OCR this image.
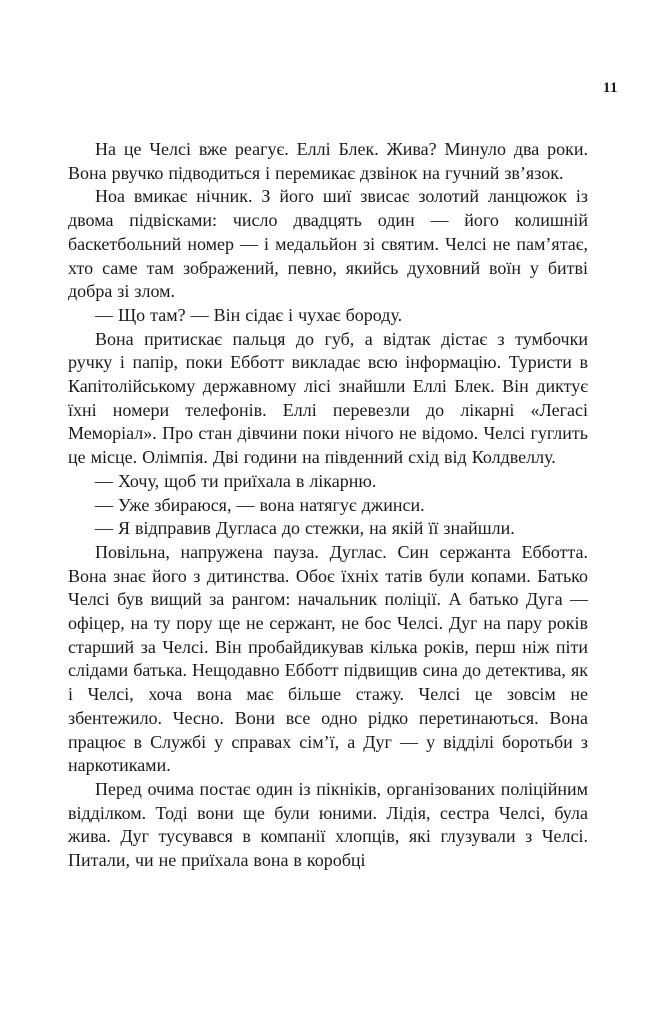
11

На це Челсі вже реагує. Еллі Блек. Жива? Минуло два роки. Вона рвучко підводиться і перемикає дзвінок на гучний зв’язок.

Ноа вмикає нічник. З його шиї звисає золотий ланцюжок із двома підвісками: число двадцять один — його колишній баскетбольний номер — і медальйон зі святим. Челсі не пам’ятає, хто саме там зображений, певно, якийсь духовний воїн у битві добра зі злом.

— Що там? — Він сідає і чухає бороду.

Вона притискає пальця до губ, а відтак дістає з тумбочки ручку і папір, поки Ебботт викладає всю інформацію. Туристи в Капітолійському державному лісі знайшли Еллі Блек. Він диктує їхні номери телефонів. Еллі перевезли до лікарні «Легасі Меморіал». Про стан дівчини поки нічого не відомо. Челсі гуглить це місце. Олімпія. Дві години на південний схід від Колдвеллу.

— Хочу, щоб ти приїхала в лікарню.

— Уже збираюся, — вона натягує джинси.

— Я відправив Дугласа до стежки, на якій її знайшли.

Повільна, напружена пауза. Дуглас. Син сержанта Ебботта. Вона знає його з дитинства. Обоє їхніх татів були копами. Батько Челсі був вищий за рангом: начальник поліції. А батько Дуга — офіцер, на ту пору ще не сержант, не бос Челсі. Дуг на пару років старший за Челсі. Він пробайдикував кілька років, перш ніж піти слідами батька. Нещодавно Ебботт підвищив сина до детектива, як і Челсі, хоча вона має більше стажу. Челсі це зовсім не збентежило. Чесно. Вони все одно рідко перетинаються. Вона працює в Службі у справах сім’ї, а Дуг — у відділі боротьби з наркотиками.

Перед очима постає один із пікніків, організованих поліційним відділком. Тоді вони ще були юними. Лідія, сестра Челсі, була жива. Дуг тусувався в компанії хлопців, які глузували з Челсі. Питали, чи не приїхала вона в коробці
